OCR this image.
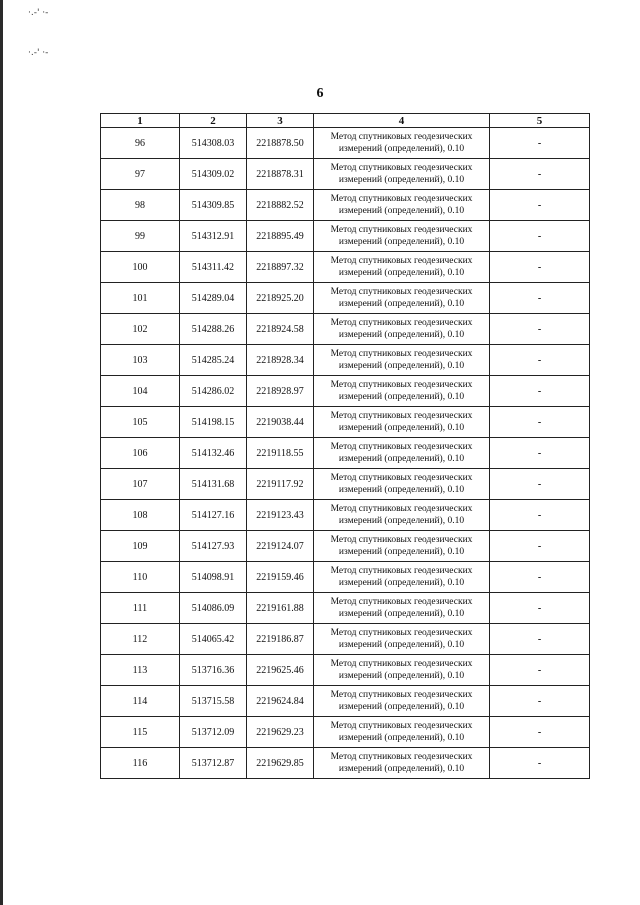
·.-' ·-
·.-' ·-
6
1	2	3	4	5
96	514308.03	2218878.50	Метод спутниковых геодезических
измерений (определений), 0.10	-
97	514309.02	2218878.31	Метод спутниковых геодезических
измерений (определений), 0.10	-
98	514309.85	2218882.52	Метод спутниковых геодезических
измерений (определений), 0.10	-
99	514312.91	2218895.49	Метод спутниковых геодезических
измерений (определений), 0.10	-
100	514311.42	2218897.32	Метод спутниковых геодезических
измерений (определений), 0.10	-
101	514289.04	2218925.20	Метод спутниковых геодезических
измерений (определений), 0.10	-
102	514288.26	2218924.58	Метод спутниковых геодезических
измерений (определений), 0.10	-
103	514285.24	2218928.34	Метод спутниковых геодезических
измерений (определений), 0.10	-
104	514286.02	2218928.97	Метод спутниковых геодезических
измерений (определений), 0.10	-
105	514198.15	2219038.44	Метод спутниковых геодезических
измерений (определений), 0.10	-
106	514132.46	2219118.55	Метод спутниковых геодезических
измерений (определений), 0.10	-
107	514131.68	2219117.92	Метод спутниковых геодезических
измерений (определений), 0.10	-
108	514127.16	2219123.43	Метод спутниковых геодезических
измерений (определений), 0.10	-
109	514127.93	2219124.07	Метод спутниковых геодезических
измерений (определений), 0.10	-
110	514098.91	2219159.46	Метод спутниковых геодезических
измерений (определений), 0.10	-
111	514086.09	2219161.88	Метод спутниковых геодезических
измерений (определений), 0.10	-
112	514065.42	2219186.87	Метод спутниковых геодезических
измерений (определений), 0.10	-
113	513716.36	2219625.46	Метод спутниковых геодезических
измерений (определений), 0.10	-
114	513715.58	2219624.84	Метод спутниковых геодезических
измерений (определений), 0.10	-
115	513712.09	2219629.23	Метод спутниковых геодезических
измерений (определений), 0.10	-
116	513712.87	2219629.85	Метод спутниковых геодезических
измерений (определений), 0.10	-
